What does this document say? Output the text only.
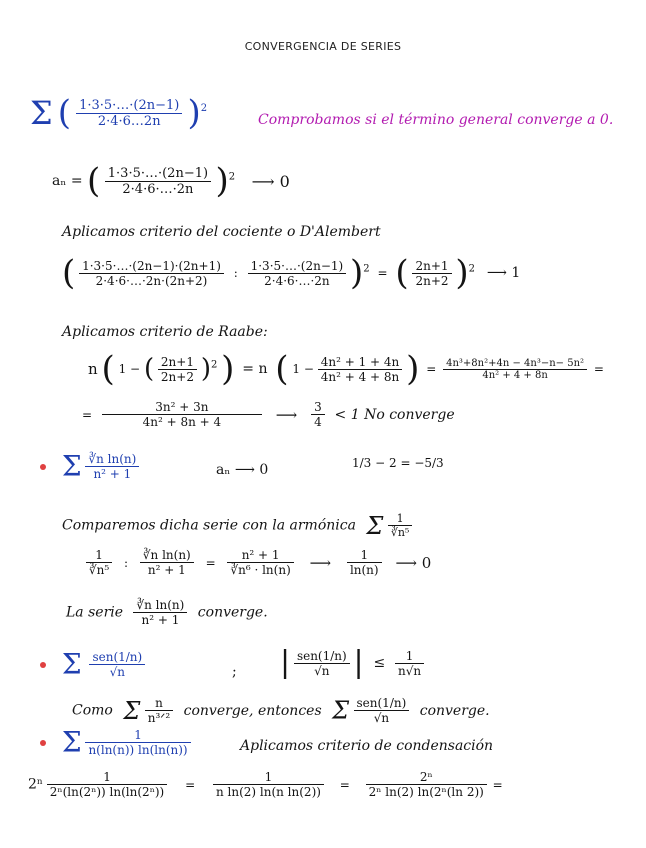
CONVERGENCIA DE SERIES
Σ ( $\frac{1\cdot 3\cdot 5\cdot\dots\cdot(2n-1)}{2\cdot 4\cdot 6\dots 2n} )^2$
Comprobamos si el término general converge a 0.
aₙ = ( $\frac{1\cdot 3\cdot 5\cdot\dots\cdot(2n-1)}{2\cdot 4\cdot 6\cdot\dots\cdot 2n} )^2$ ⟶ 0
Aplicamos criterio del cociente o D'Alembert
( $\frac{1\cdot 3\cdot 5\cdot\dots\cdot(2n-1)\cdot(2n+1)}{2\cdot 4\cdot 6\cdot\dots\cdot 2n\cdot(2n+2)}$ : $\frac{1\cdot 3\cdot 5\cdot\dots\cdot(2n-1)}{2\cdot 4\cdot 6\cdot\dots\cdot 2n} )^2$ = ( $\frac{2n+1}{2n+2} )^2$ ⟶ 1
Aplicamos criterio de Raabe:
n ( 1 − ( $\frac{2n+1}{2n+2} )^2$ ) = n ( $1 - \frac{\text{4n² + 1 + 4n}}{\text{4n² + 4 + 8n}}$ ) = $\frac{\text{4n³+8n²+4n − 4n³−n− 5n²}}{\text{4n² + 4 + 8n}}$ =
= $\frac{\text{3n² + 3n}}{\text{4n² + 8n + 4}}$ ⟶ $\frac{3}{4} < 1$ No converge
Σ $\frac{\text{∛n ln(n)}}{\text{n² + 1}}$	aₙ ⟶ 0	1/3 − 2 = −5/3
Comparemos dicha serie con la armónica Σ $\frac{1}{\text{∛n⁵}}$
$\frac{1}{\text{∛n⁵}}$ : $\frac{\text{∛n ln(n)}}{\text{n² + 1}} = \frac{\text{n² + 1}}{\text{∛n⁶ · ln(n)}}$ ⟶ $\frac{1}{\ln(n)}$ ⟶ 0
La serie $\frac{\text{∛n ln(n)}}{\text{n² + 1}}$ converge.
Σ $\frac{\text{sen(1/n)}}{√n}$	; | $\frac{\text{sen(1/n)}}{√n}$ | ≤ $\frac{1}{n√n}$
Como Σ $\frac{n}{\text{n³ᐟ²}}$ converge, entonces Σ $\frac{\text{sen(1/n)}}{√n}$ converge.
Σ $\frac{1}{n(\ln(n)) \ln(\ln(n))}$	Aplicamos criterio de condensación
$2^n \frac{1}{\text{2ⁿ(ln(2ⁿ)) ln(ln(2ⁿ))}} = \frac{1}{\text{n ln(2) ln(n ln(2))}} = \frac{\text{2ⁿ}}{\text{2ⁿ ln(2) ln(2ⁿ(ln 2))}}$ =
